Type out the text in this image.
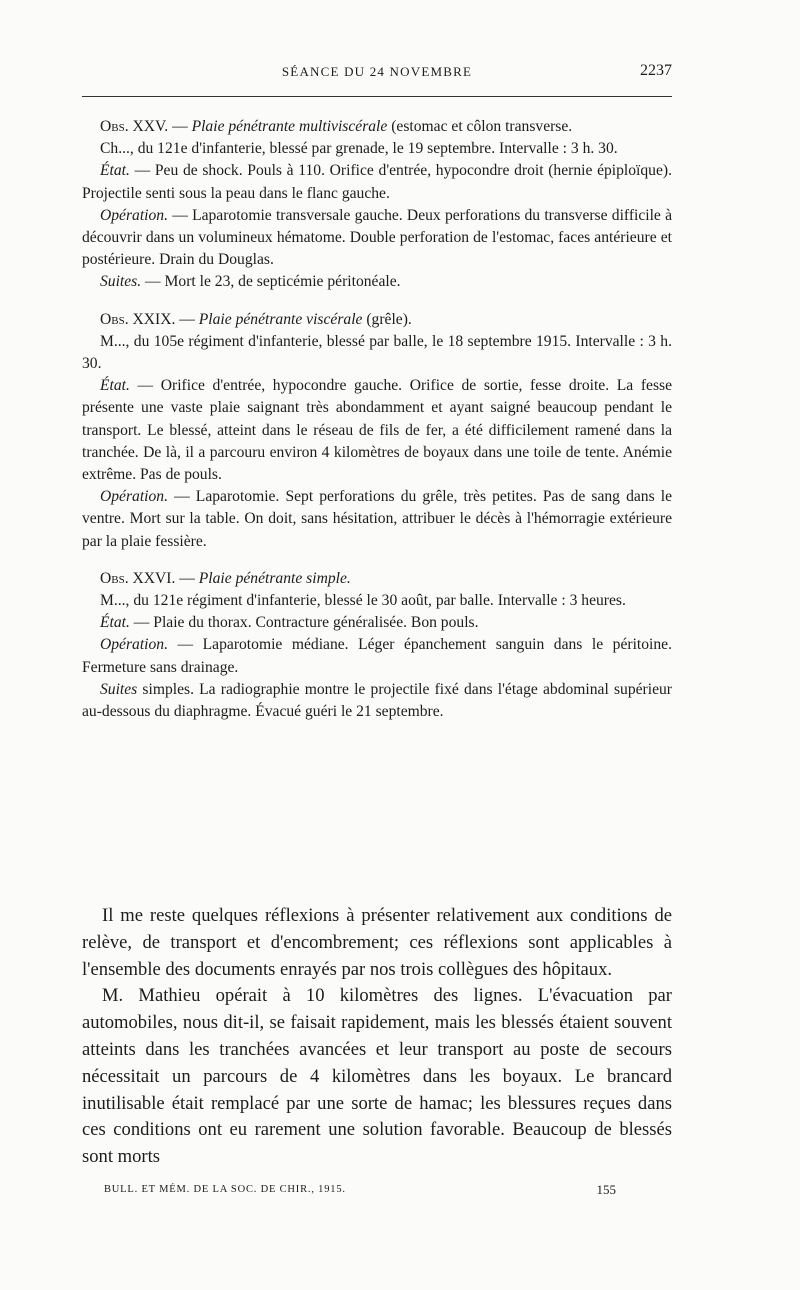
SÉANCE DU 24 NOVEMBRE	2237

Obs. XXV. — Plaie pénétrante multiviscérale (estomac et côlon transverse.

Ch..., du 121e d'infanterie, blessé par grenade, le 19 septembre. Intervalle : 3 h. 30.

État. — Peu de shock. Pouls à 110. Orifice d'entrée, hypocondre droit (hernie épiploïque). Projectile senti sous la peau dans le flanc gauche.

Opération. — Laparotomie transversale gauche. Deux perforations du transverse difficile à découvrir dans un volumineux hématome. Double perforation de l'estomac, faces antérieure et postérieure. Drain du Douglas.

Suites. — Mort le 23, de septicémie péritonéale.

Obs. XXIX. — Plaie pénétrante viscérale (grêle).

M..., du 105e régiment d'infanterie, blessé par balle, le 18 septembre 1915. Intervalle : 3 h. 30.

État. — Orifice d'entrée, hypocondre gauche. Orifice de sortie, fesse droite. La fesse présente une vaste plaie saignant très abondamment et ayant saigné beaucoup pendant le transport. Le blessé, atteint dans le réseau de fils de fer, a été difficilement ramené dans la tranchée. De là, il a parcouru environ 4 kilomètres de boyaux dans une toile de tente. Anémie extrême. Pas de pouls.

Opération. — Laparotomie. Sept perforations du grêle, très petites. Pas de sang dans le ventre. Mort sur la table. On doit, sans hésitation, attribuer le décès à l'hémorragie extérieure par la plaie fessière.

Obs. XXVI. — Plaie pénétrante simple.

M..., du 121e régiment d'infanterie, blessé le 30 août, par balle. Intervalle : 3 heures.

État. — Plaie du thorax. Contracture généralisée. Bon pouls.

Opération. — Laparotomie médiane. Léger épanchement sanguin dans le péritoine. Fermeture sans drainage.

Suites simples. La radiographie montre le projectile fixé dans l'étage abdominal supérieur au-dessous du diaphragme. Évacué guéri le 21 septembre.

Il me reste quelques réflexions à présenter relativement aux conditions de relève, de transport et d'encombrement; ces réflexions sont applicables à l'ensemble des documents enrayés par nos trois collègues des hôpitaux.

M. Mathieu opérait à 10 kilomètres des lignes. L'évacuation par automobiles, nous dit-il, se faisait rapidement, mais les blessés étaient souvent atteints dans les tranchées avancées et leur transport au poste de secours nécessitait un parcours de 4 kilomètres dans les boyaux. Le brancard inutilisable était remplacé par une sorte de hamac; les blessures reçues dans ces conditions ont eu rarement une solution favorable. Beaucoup de blessés sont morts

BULL. ET MÉM. DE LA SOC. DE CHIR., 1915.	155
